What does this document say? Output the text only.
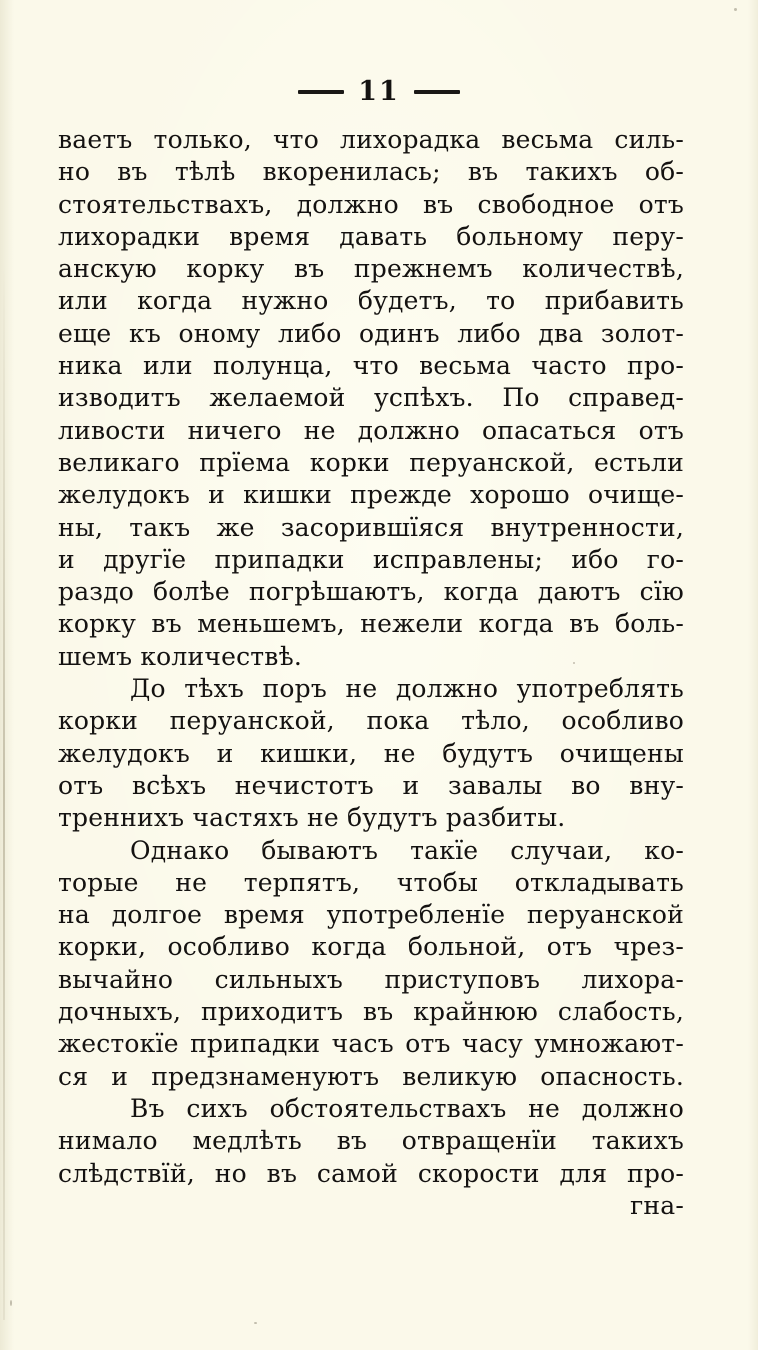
11
ваетъ только, что лихорадка весьма силь-
но въ тѣлѣ вкоренилась; въ такихъ об-
стоятельствахъ, должно въ свободное отъ
лихорадки время давать больному перу-
анскую корку въ прежнемъ количествѣ,
или когда нужно будетъ, то прибавить
еще къ оному либо одинъ либо два золот-
ника или полунца, что весьма часто про-
изводитъ желаемой успѣхъ. По справед-
ливости ничего не должно опасаться отъ
великаго прїема корки перуанской, естьли
желудокъ и кишки прежде хорошо очище-
ны, такъ же засорившїяся внутренности,
и другїе припадки исправлены; ибо го-
раздо болѣе погрѣшаютъ, когда даютъ сїю
корку въ меньшемъ, нежели когда въ боль-
шемъ количествѣ.
До тѣхъ поръ не должно употреблять
корки перуанской, пока тѣло, особливо
желудокъ и кишки, не будутъ очищены
отъ всѣхъ нечистотъ и завалы во вну-
треннихъ частяхъ не будутъ разбиты.
Однако бываютъ такїе случаи, ко-
торые не терпятъ, чтобы откладывать
на долгое время употребленїе перуанской
корки, особливо когда больной, отъ чрез-
вычайно сильныхъ приступовъ лихора-
дочныхъ, приходитъ въ крайнюю слабость,
жестокїе припадки часъ отъ часу умножают-
ся и предзнаменуютъ великую опасность.
Въ сихъ обстоятельствахъ не должно
нимало медлѣть въ отвращенїи такихъ
слѣдствїй, но въ самой скорости для про-
гна-
